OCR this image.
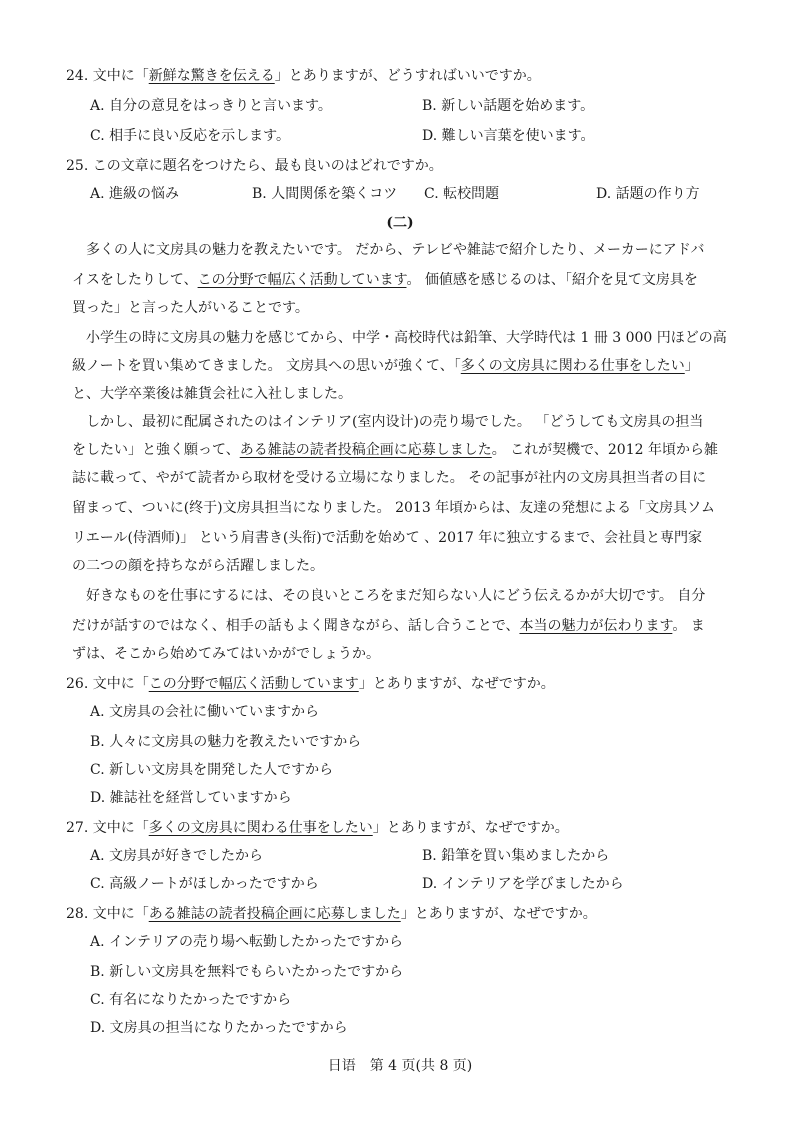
24. 文中に「新鮮な驚きを伝える」とありますが、どうすればいいですか。
A. 自分の意見をはっきりと言います。	B. 新しい話題を始めます。
C. 相手に良い反応を示します。	D. 難しい言葉を使います。
25. この文章に題名をつけたら、最も良いのはどれですか。
A. 進級の悩み	B. 人間関係を築くコツ C. 転校問題	D. 話題の作り方
(二)
多くの人に文房具の魅力を教えたいです。 だから、テレビや雑誌で紹介したり、メーカーにアドバ
イスをしたりして、この分野で幅広く活動しています。 価値感を感じるのは、「紹介を見て文房具を
買った」と言った人がいることです。
小学生の時に文房具の魅力を感じてから、中学・高校時代は鉛筆、大学時代は 1 冊 3 000 円ほどの高
級ノートを買い集めてきました。 文房具への思いが強くて、「多くの文房具に関わる仕事をしたい」
と、大学卒業後は雑貨会社に入社しました。
しかし、最初に配属されたのはインテリア(室内设计)の売り場でした。 「どうしても文房具の担当
をしたい」と強く願って、ある雑誌の読者投稿企画に応募しました。 これが契機で、2012 年頃から雑
誌に載って、やがて読者から取材を受ける立場になりました。 その記事が社内の文房具担当者の目に
留まって、ついに(终于)文房具担当になりました。 2013 年頃からは、友達の発想による「文房具ソム
リエール(侍酒师)」 という肩書き(头衔)で活動を始めて 、2017 年に独立するまで、会社員と専門家
の二つの顔を持ちながら活躍しました。
好きなものを仕事にするには、その良いところをまだ知らない人にどう伝えるかが大切です。 自分
だけが話すのではなく、相手の話もよく聞きながら、話し合うことで、本当の魅力が伝わります。 ま
ずは、そこから始めてみてはいかがでしょうか。
26. 文中に「この分野で幅広く活動しています」とありますが、なぜですか。
A. 文房具の会社に働いていますから
B. 人々に文房具の魅力を教えたいですから
C. 新しい文房具を開発した人ですから
D. 雑誌社を経営していますから
27. 文中に「多くの文房具に関わる仕事をしたい」とありますが、なぜですか。
A. 文房具が好きでしたから	B. 鉛筆を買い集めましたから
C. 高級ノートがほしかったですから	D. インテリアを学びましたから
28. 文中に「ある雑誌の読者投稿企画に応募しました」とありますが、なぜですか。
A. インテリアの売り場へ転勤したかったですから
B. 新しい文房具を無料でもらいたかったですから
C. 有名になりたかったですから
D. 文房具の担当になりたかったですから
日语　第 4 页(共 8 页)
